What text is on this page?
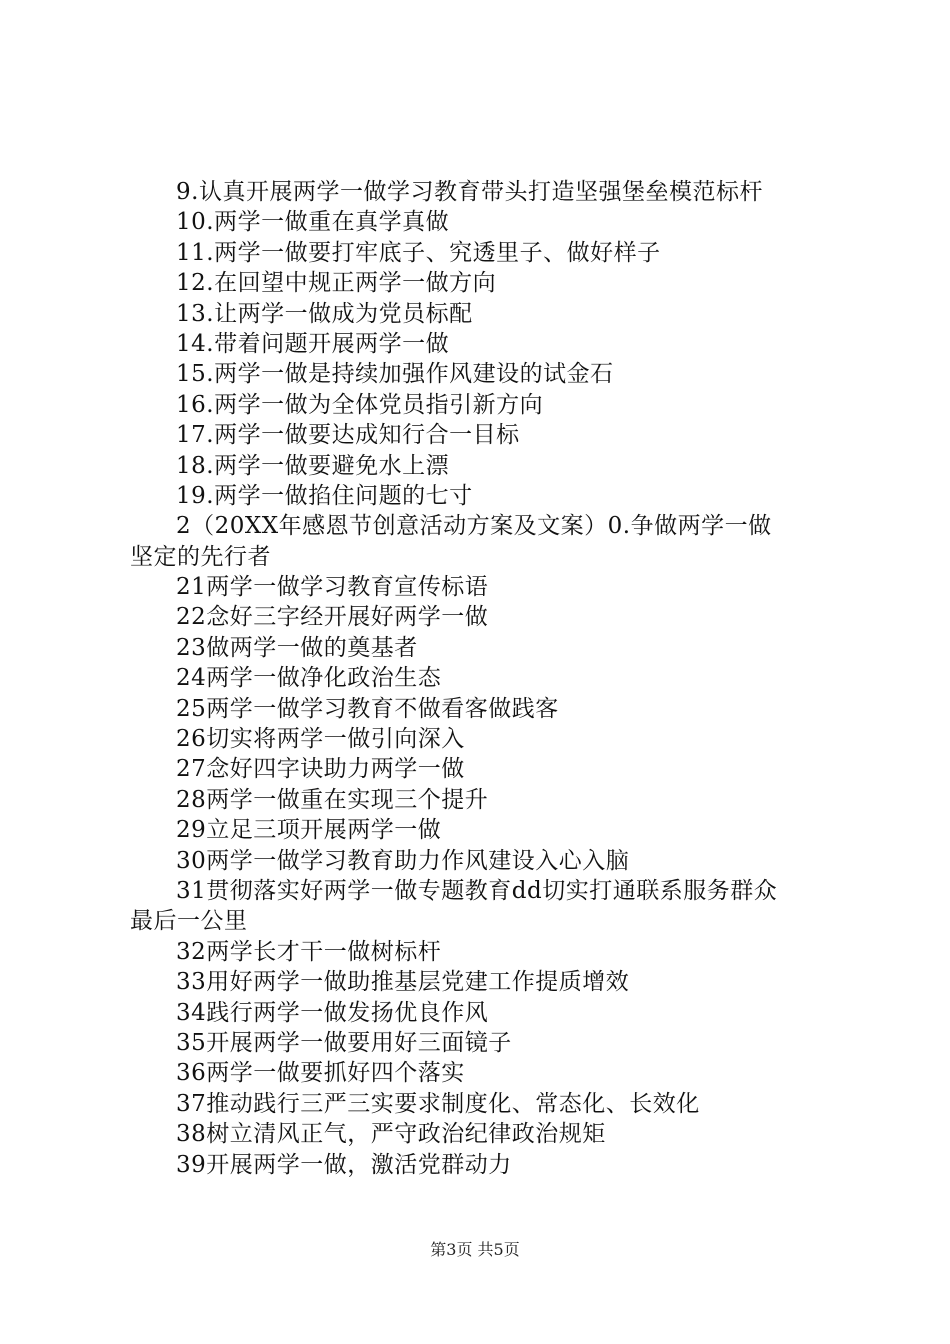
9.认真开展两学一做学习教育带头打造坚强堡垒模范标杆
10.两学一做重在真学真做
11.两学一做要打牢底子、究透里子、做好样子
12.在回望中规正两学一做方向
13.让两学一做成为党员标配
14.带着问题开展两学一做
15.两学一做是持续加强作风建设的试金石
16.两学一做为全体党员指引新方向
17.两学一做要达成知行合一目标
18.两学一做要避免水上漂
19.两学一做掐住问题的七寸
2（20XX年感恩节创意活动方案及文案）0.争做两学一做
坚定的先行者
21两学一做学习教育宣传标语
22念好三字经开展好两学一做
23做两学一做的奠基者
24两学一做净化政治生态
25两学一做学习教育不做看客做践客
26切实将两学一做引向深入
27念好四字诀助力两学一做
28两学一做重在实现三个提升
29立足三项开展两学一做
30两学一做学习教育助力作风建设入心入脑
31贯彻落实好两学一做专题教育dd切实打通联系服务群众
最后一公里
32两学长才干一做树标杆
33用好两学一做助推基层党建工作提质增效
34践行两学一做发扬优良作风
35开展两学一做要用好三面镜子
36两学一做要抓好四个落实
37推动践行三严三实要求制度化、常态化、长效化
38树立清风正气，严守政治纪律政治规矩
39开展两学一做，激活党群动力
第3页 共5页
